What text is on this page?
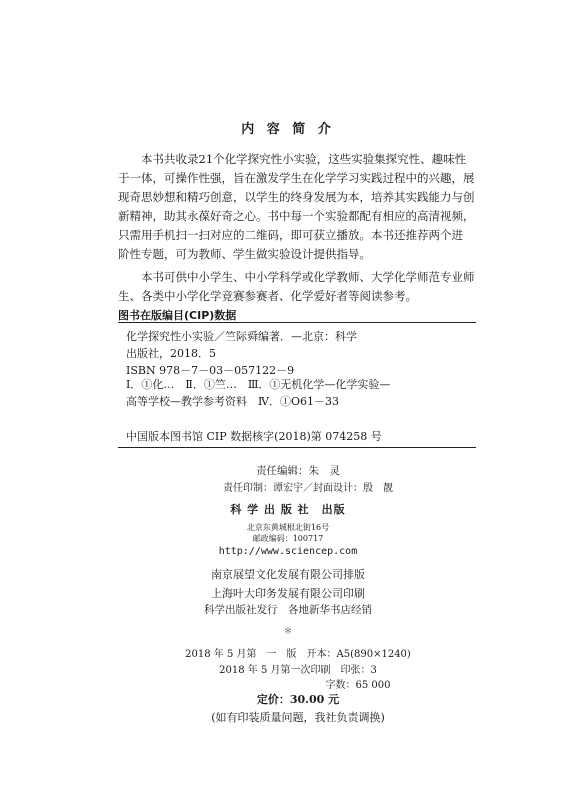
内 容 简 介

　　本书共收录21个化学探究性小实验，这些实验集探究性、趣味性
于一体，可操作性强，旨在激发学生在化学学习实践过程中的兴趣，展
现奇思妙想和精巧创意，以学生的终身发展为本，培养其实践能力与创
新精神，助其永葆好奇之心。书中每一个实验都配有相应的高清视频，
只需用手机扫一扫对应的二维码，即可获立播放。本书还推荐两个进
阶性专题，可为教师、学生做实验设计提供指导。

　　本书可供中小学生、中小学科学或化学教师、大学化学师范专业师
生、各类中小学化学竞赛参赛者、化学爱好者等阅读参考。

图书在版编目(CIP)数据
化学探究性小实验／竺际舜编著．—北京：科学
出版社，2018．5
ISBN 978－7－03－057122－9
Ⅰ．①化…　Ⅱ．①竺…　Ⅲ．①无机化学—化学实验—
高等学校—教学参考资料　Ⅳ．①O61－33
中国版本图书馆 CIP 数据核字(2018)第 074258 号
责任编辑：朱　灵
责任印制：谭宏宇／封面设计：殷　靓
科 学 出 版 社　出版
北京东黄城根北街16号
邮政编码：100717
http://www.sciencep.com
南京展望文化发展有限公司排版
上海叶大印务发展有限公司印刷
科学出版社发行　各地新华书店经销
＊
2018 年 5 月第　一　版　开本：A5(890×1240)
2018 年 5 月第一次印刷　印张：3
字数：65 000
定价：30.00 元
(如有印装质量问题，我社负责调换)
